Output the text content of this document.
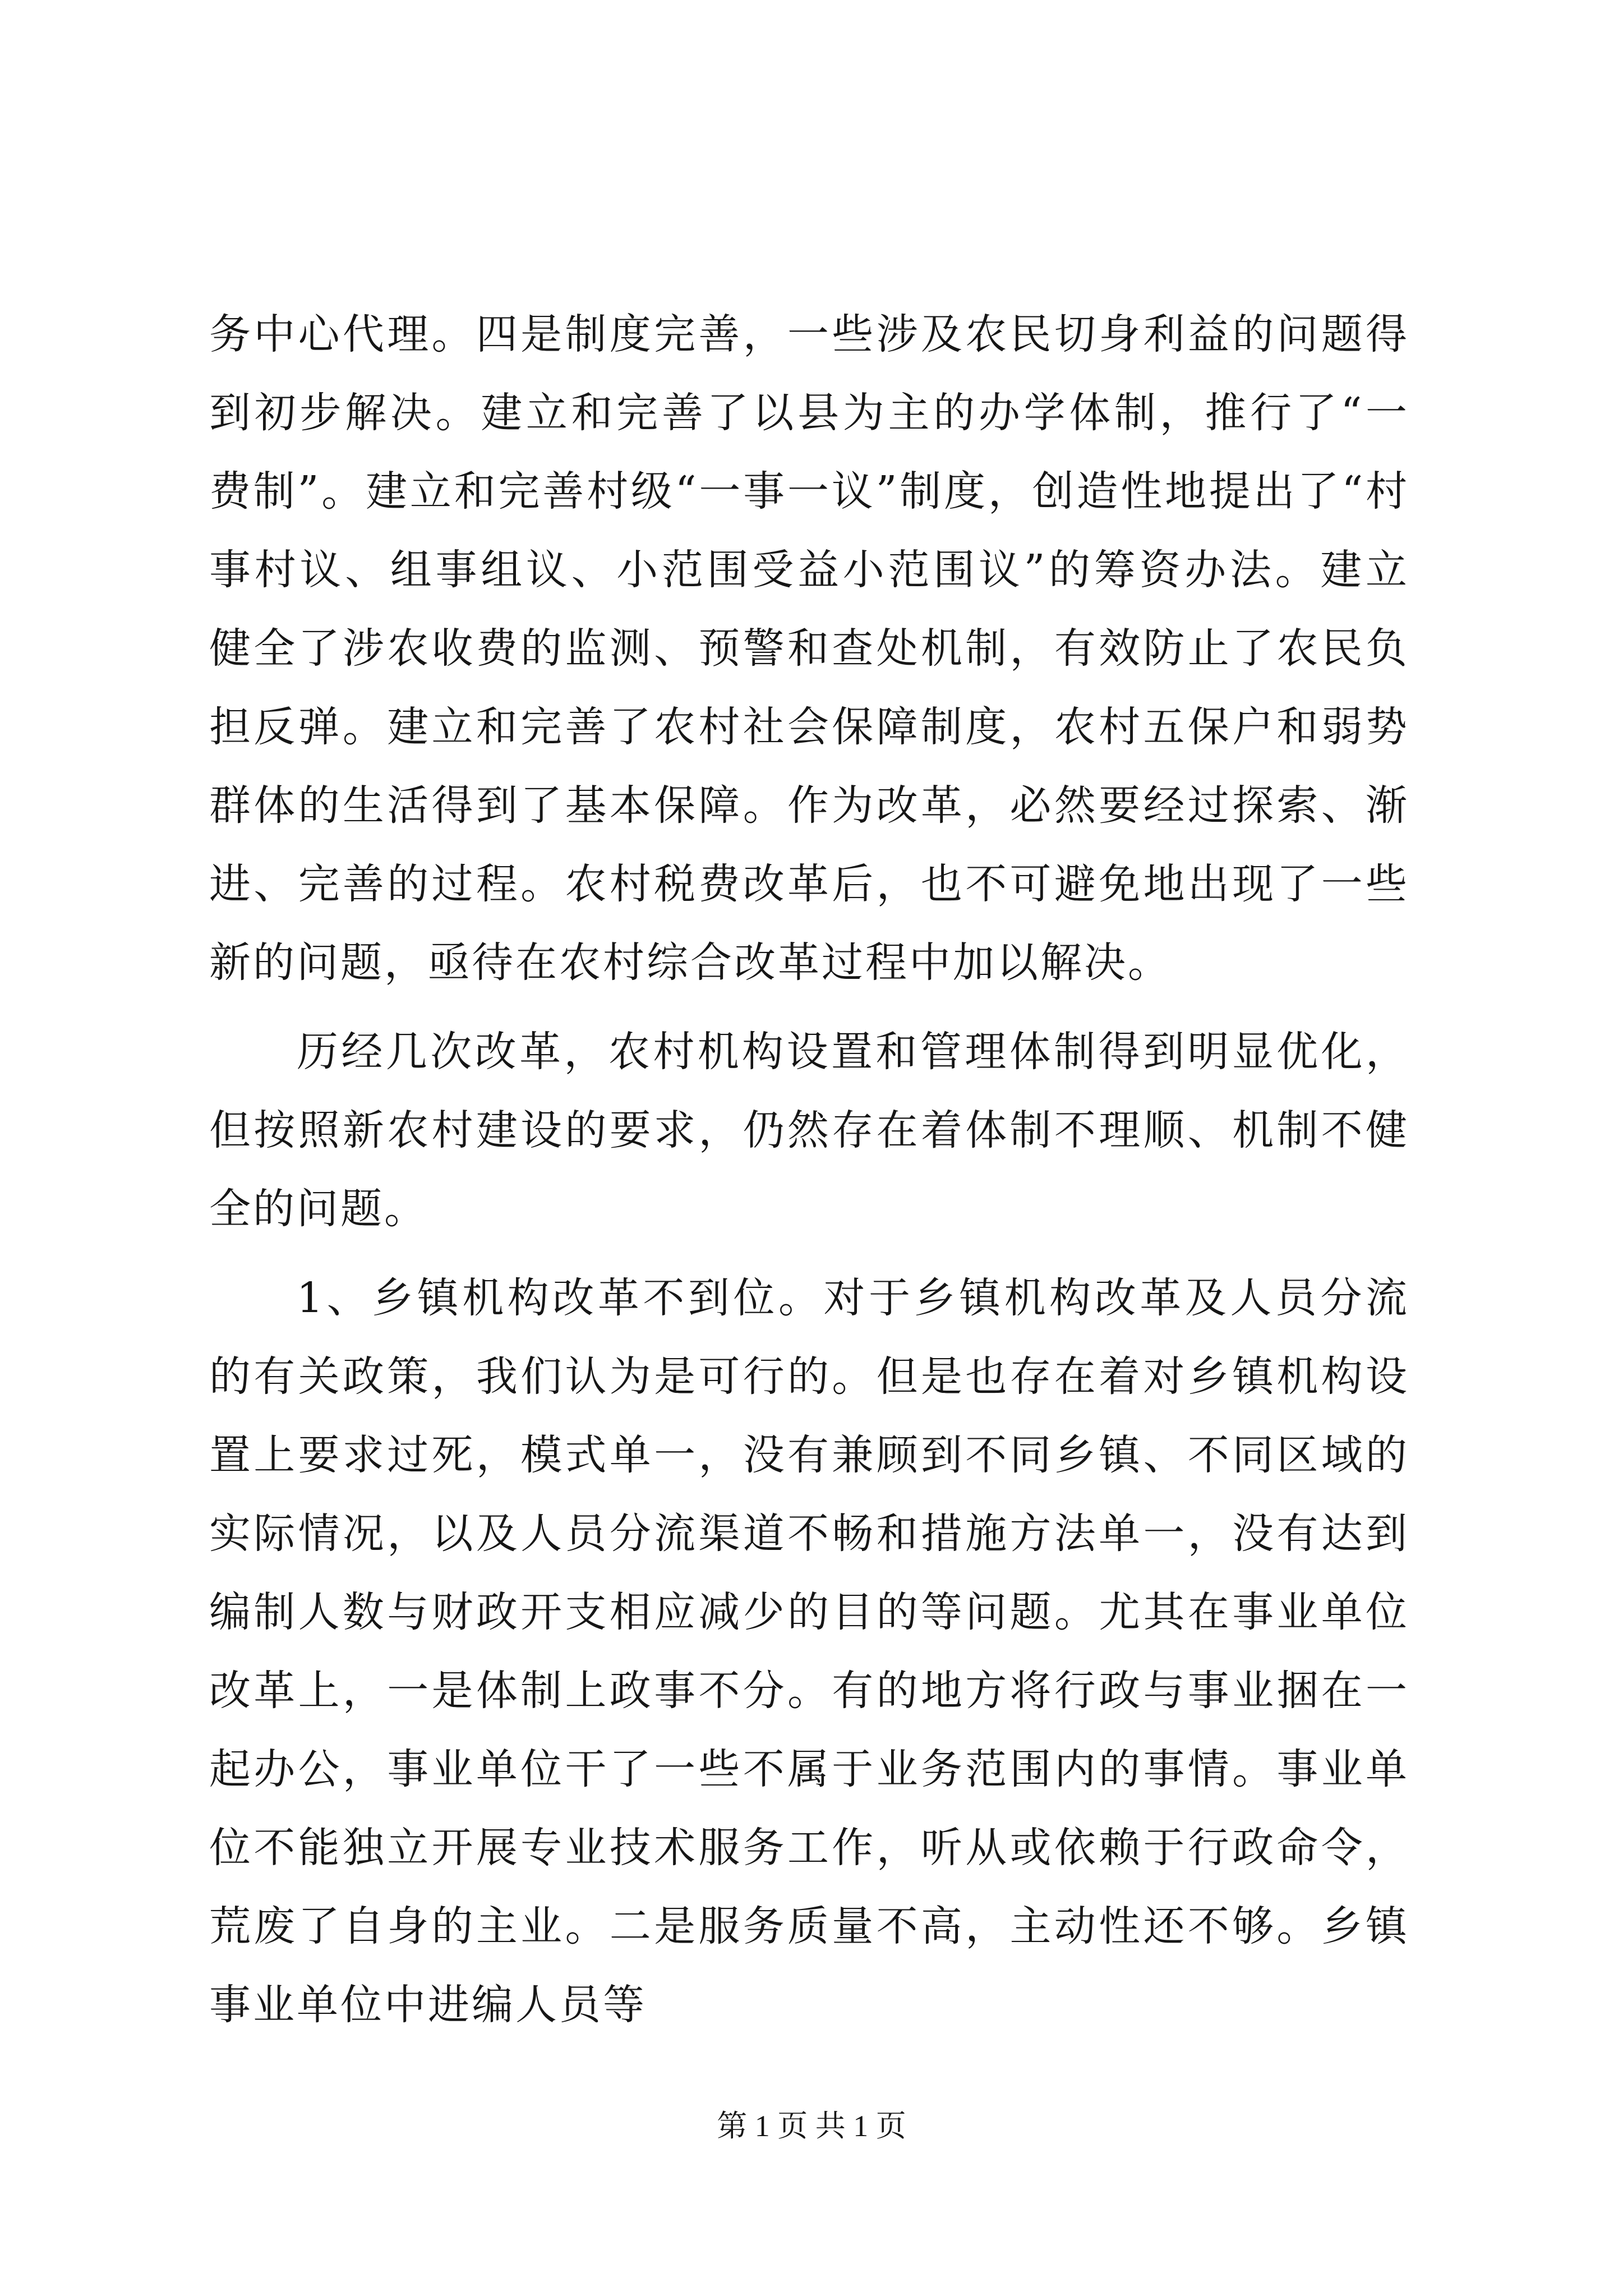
务中心代理。四是制度完善，一些涉及农民切身利益的问题得到初步解决。建立和完善了以县为主的办学体制，推行了“一费制”。建立和完善村级“一事一议”制度，创造性地提出了“村事村议、组事组议、小范围受益小范围议”的筹资办法。建立健全了涉农收费的监测、预警和查处机制，有效防止了农民负担反弹。建立和完善了农村社会保障制度，农村五保户和弱势群体的生活得到了基本保障。作为改革，必然要经过探索、渐进、完善的过程。农村税费改革后，也不可避免地出现了一些新的问题，亟待在农村综合改革过程中加以解决。

历经几次改革，农村机构设置和管理体制得到明显优化，但按照新农村建设的要求，仍然存在着体制不理顺、机制不健全的问题。

1、乡镇机构改革不到位。对于乡镇机构改革及人员分流的有关政策，我们认为是可行的。但是也存在着对乡镇机构设置上要求过死，模式单一，没有兼顾到不同乡镇、不同区域的实际情况，以及人员分流渠道不畅和措施方法单一，没有达到编制人数与财政开支相应减少的目的等问题。尤其在事业单位改革上，一是体制上政事不分。有的地方将行政与事业捆在一起办公，事业单位干了一些不属于业务范围内的事情。事业单位不能独立开展专业技术服务工作，听从或依赖于行政命令，荒废了自身的主业。二是服务质量不高，主动性还不够。乡镇事业单位中进编人员等

第 1 页 共 1 页
